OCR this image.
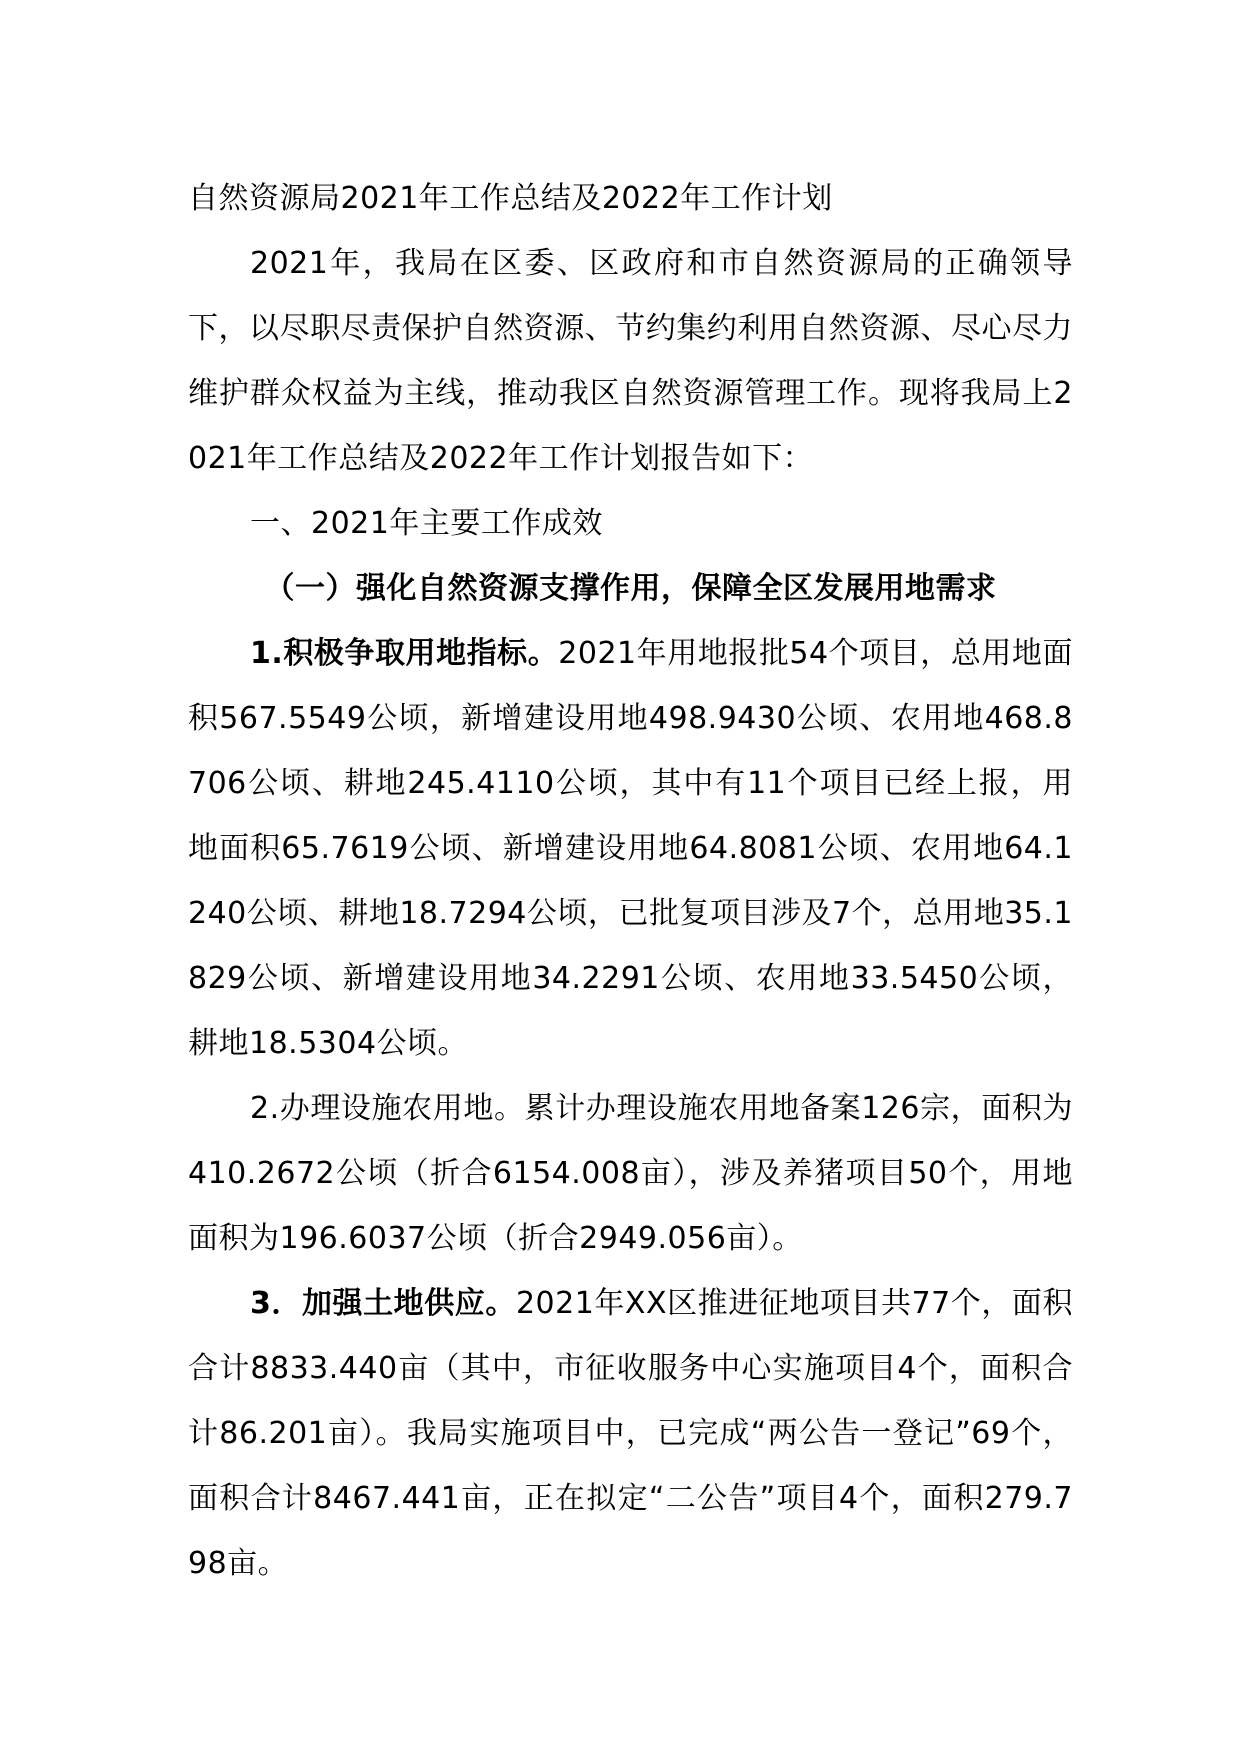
自然资源局2021年工作总结及2022年工作计划

2021年，我局在区委、区政府和市自然资源局的正确领导下，以尽职尽责保护自然资源、节约集约利用自然资源、尽心尽力维护群众权益为主线，推动我区自然资源管理工作。现将我局上2021年工作总结及2022年工作计划报告如下：

一、2021年主要工作成效

（一）强化自然资源支撑作用，保障全区发展用地需求

1.积极争取用地指标。2021年用地报批54个项目，总用地面积567.5549公顷，新增建设用地498.9430公顷、农用地468.8706公顷、耕地245.4110公顷，其中有11个项目已经上报，用地面积65.7619公顷、新增建设用地64.8081公顷、农用地64.1240公顷、耕地18.7294公顷，已批复项目涉及7个，总用地35.1829公顷、新增建设用地34.2291公顷、农用地33.5450公顷，耕地18.5304公顷。

2.办理设施农用地。累计办理设施农用地备案126宗，面积为410.2672公顷（折合6154.008亩），涉及养猪项目50个，用地面积为196.6037公顷（折合2949.056亩）。

3．加强土地供应。2021年XX区推进征地项目共77个，面积合计8833.440亩（其中，市征收服务中心实施项目4个，面积合计86.201亩）。我局实施项目中，已完成“两公告一登记”69个，面积合计8467.441亩，正在拟定“二公告”项目4个，面积279.798亩。
